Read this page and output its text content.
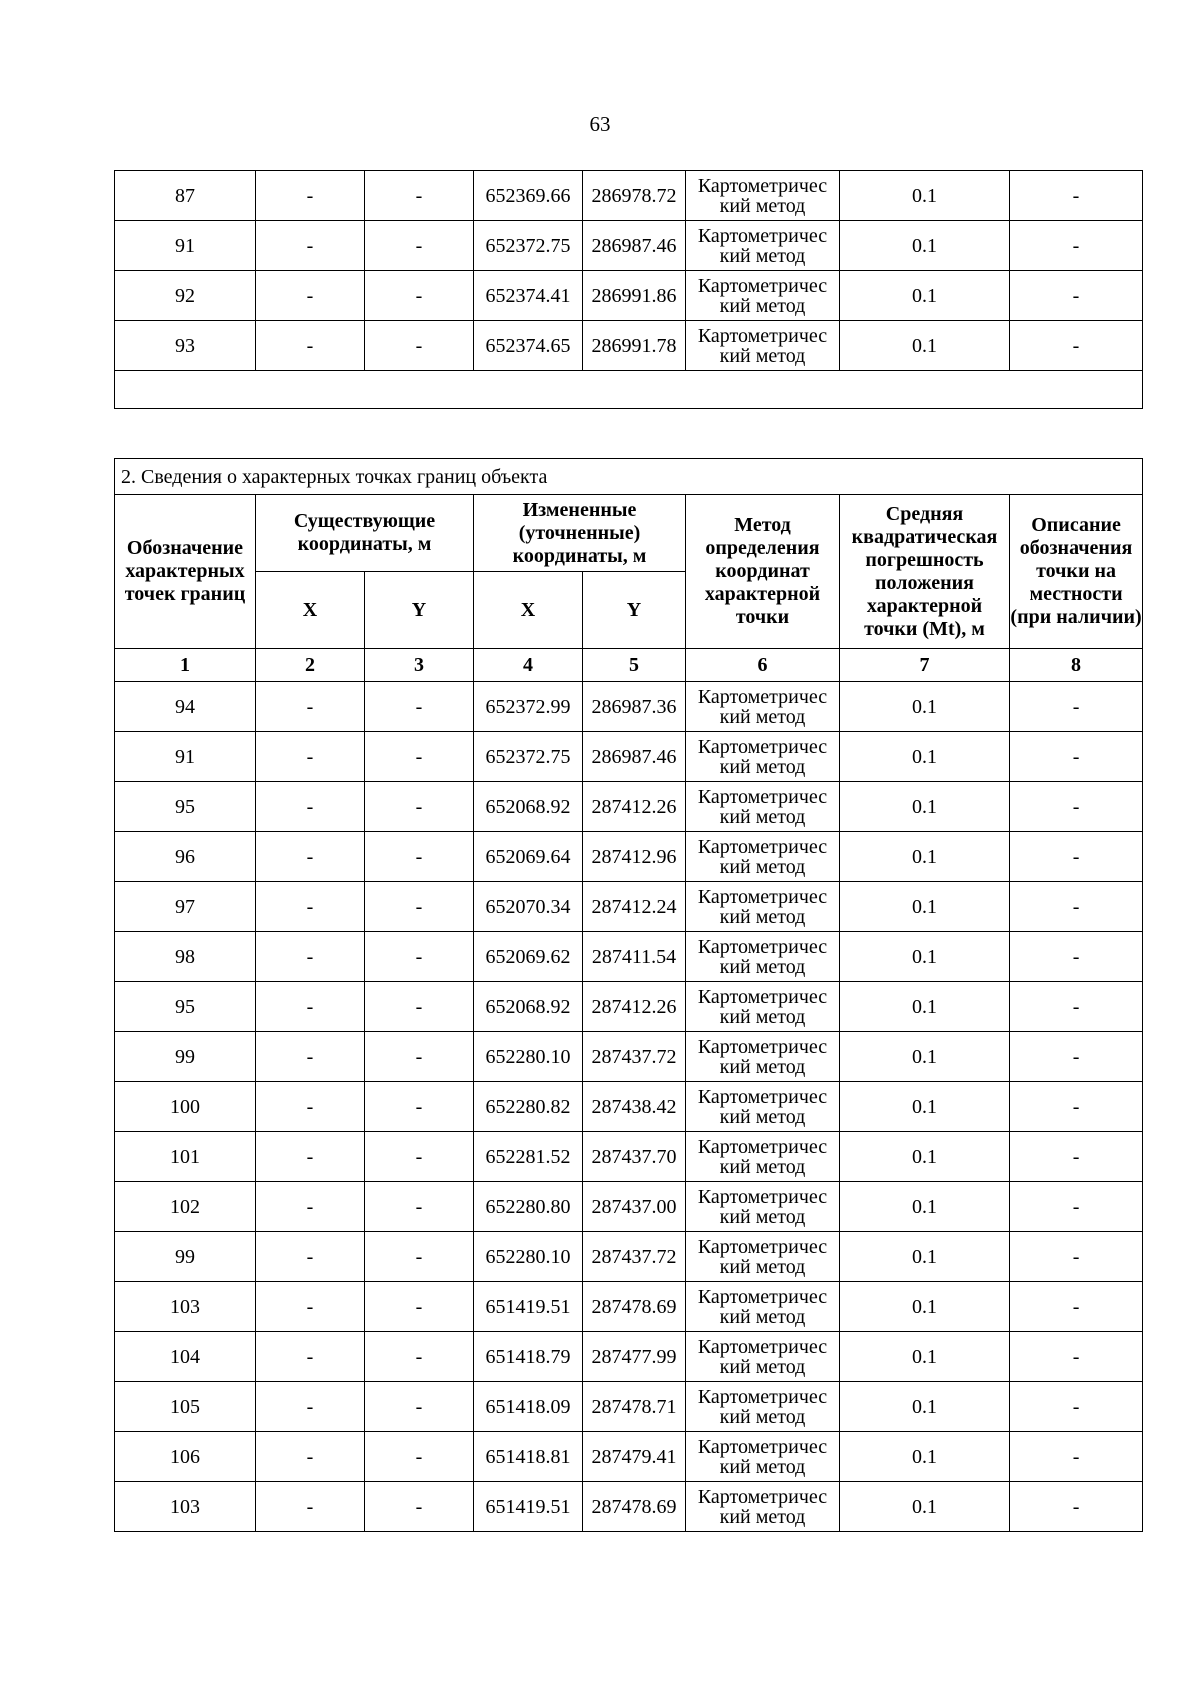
63
87	-	-	652369.66	286978.72	Картометричес кий метод	0.1	-
91	-	-	652372.75	286987.46	Картометричес кий метод	0.1	-
92	-	-	652374.41	286991.86	Картометричес кий метод	0.1	-
93	-	-	652374.65	286991.78	Картометричес кий метод	0.1	-

2. Сведения о характерных точках границ объекта							
Обозначение характерных точек границ	Существующие координаты, м		Измененные (уточненные) координаты, м		Метод определения координат характерной точки	Средняя квадратическая погрешность положения характерной точки (Mt), м	Описание обозначения точки на местности (при наличии)
	X	Y	X	Y			
1	2	3	4	5	6	7	8
94	-	-	652372.99	286987.36	Картометричес кий метод	0.1	-
91	-	-	652372.75	286987.46	Картометричес кий метод	0.1	-
95	-	-	652068.92	287412.26	Картометричес кий метод	0.1	-
96	-	-	652069.64	287412.96	Картометричес кий метод	0.1	-
97	-	-	652070.34	287412.24	Картометричес кий метод	0.1	-
98	-	-	652069.62	287411.54	Картометричес кий метод	0.1	-
95	-	-	652068.92	287412.26	Картометричес кий метод	0.1	-
99	-	-	652280.10	287437.72	Картометричес кий метод	0.1	-
100	-	-	652280.82	287438.42	Картометричес кий метод	0.1	-
101	-	-	652281.52	287437.70	Картометричес кий метод	0.1	-
102	-	-	652280.80	287437.00	Картометричес кий метод	0.1	-
99	-	-	652280.10	287437.72	Картометричес кий метод	0.1	-
103	-	-	651419.51	287478.69	Картометричес кий метод	0.1	-
104	-	-	651418.79	287477.99	Картометричес кий метод	0.1	-
105	-	-	651418.09	287478.71	Картометричес кий метод	0.1	-
106	-	-	651418.81	287479.41	Картометричес кий метод	0.1	-
103	-	-	651419.51	287478.69	Картометричес кий метод	0.1	-
